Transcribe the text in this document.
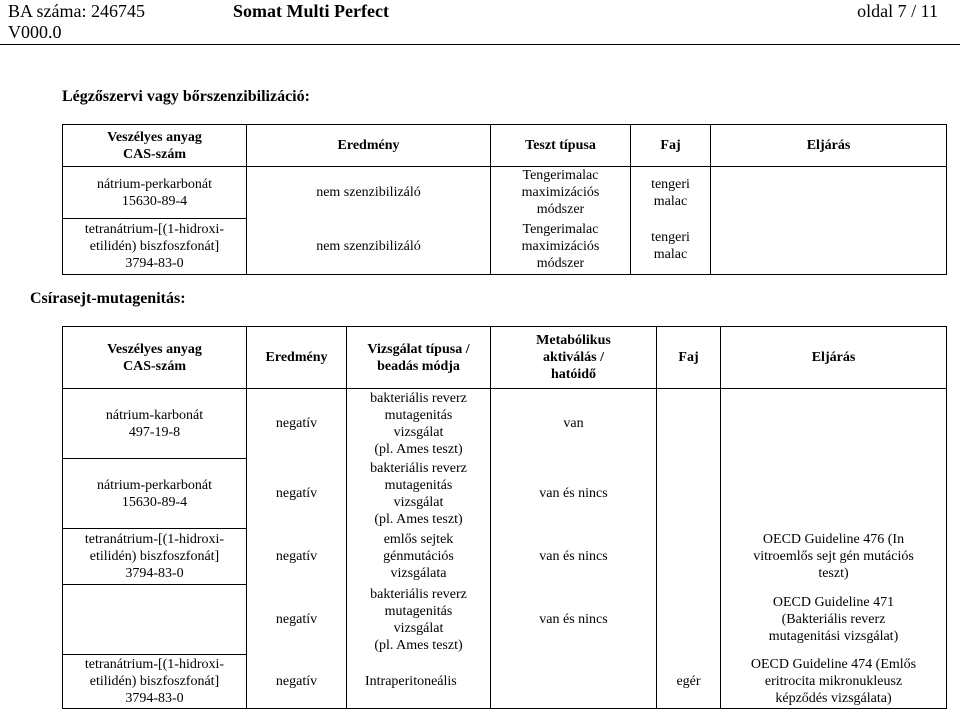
BA száma: 246745
V000.0
Somat Multi Perfect	oldal 7 / 11
Légzőszervi vagy bőrszenzibilizáció:
Veszélyes anyag
CAS-szám	Eredmény	Teszt típusa	Faj	Eljárás
nátrium-perkarbonát
15630-89-4	nem szenzibilizáló	Tengerimalac
maximizációs
módszer	tengeri
malac	
tetranátrium-[(1-hidroxi-
etilidén) biszfoszfonát]
3794-83-0	nem szenzibilizáló	Tengerimalac
maximizációs
módszer	tengeri
malac	
Csírasejt-mutagenitás:
Veszélyes anyag
CAS-szám	Eredmény	Vizsgálat típusa /
beadás módja	Metabólikus
aktiválás /
hatóidő	Faj	Eljárás
nátrium-karbonát
497-19-8	negatív	bakteriális reverz
mutagenitás
vizsgálat
(pl. Ames teszt)	van		
nátrium-perkarbonát
15630-89-4	negatív	bakteriális reverz
mutagenitás
vizsgálat
(pl. Ames teszt)	van és nincs		
tetranátrium-[(1-hidroxi-
etilidén) biszfoszfonát]
3794-83-0	negatív	emlős sejtek
génmutációs
vizsgálata	van és nincs		OECD Guideline 476 (In
vitroemlős sejt gén mutációs
teszt)
	negatív	bakteriális reverz
mutagenitás
vizsgálat
(pl. Ames teszt)	van és nincs		OECD Guideline 471
(Bakteriális reverz
mutagenitási vizsgálat)
tetranátrium-[(1-hidroxi-
etilidén) biszfoszfonát]
3794-83-0	negatív	Intraperitoneális		egér	OECD Guideline 474 (Emlős
eritrocita mikronukleusz
képződés vizsgálata)
